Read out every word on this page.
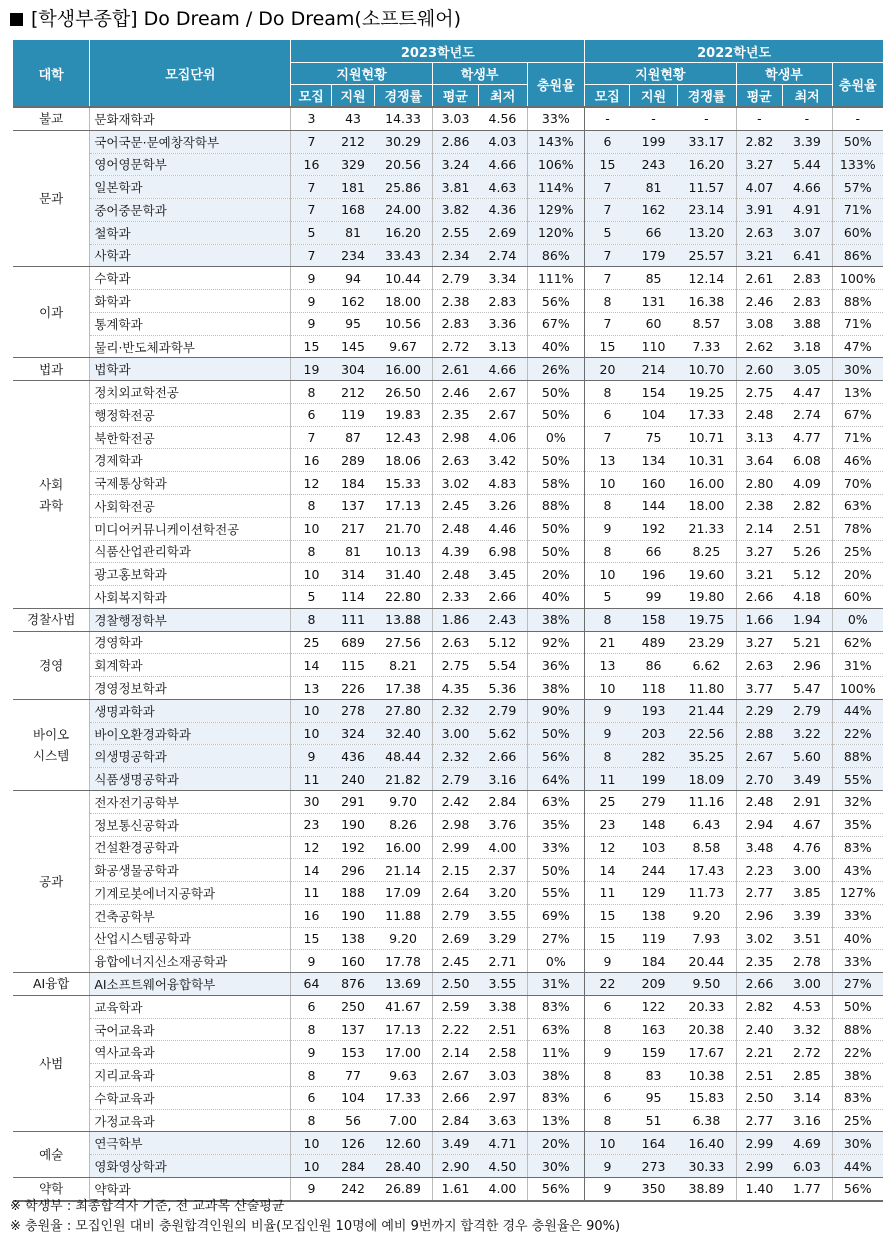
[학생부종합] Do Dream / Do Dream(소프트웨어)
대학	모집단위	2023학년도						2022학년도					
		지원현황			학생부		충원율	지원현황			학생부		충원율
		모집	지원	경쟁률	평균	최저		모집	지원	경쟁률	평균	최저	
불교	문화재학과	3	43	14.33	3.03	4.56	33%	-	-	-	-	-	-
문과	국어국문·문예창작학부	7	212	30.29	2.86	4.03	143%	6	199	33.17	2.82	3.39	50%
	영어영문학부	16	329	20.56	3.24	4.66	106%	15	243	16.20	3.27	5.44	133%
	일본학과	7	181	25.86	3.81	4.63	114%	7	81	11.57	4.07	4.66	57%
	중어중문학과	7	168	24.00	3.82	4.36	129%	7	162	23.14	3.91	4.91	71%
	철학과	5	81	16.20	2.55	2.69	120%	5	66	13.20	2.63	3.07	60%
	사학과	7	234	33.43	2.34	2.74	86%	7	179	25.57	3.21	6.41	86%
이과	수학과	9	94	10.44	2.79	3.34	111%	7	85	12.14	2.61	2.83	100%
	화학과	9	162	18.00	2.38	2.83	56%	8	131	16.38	2.46	2.83	88%
	통계학과	9	95	10.56	2.83	3.36	67%	7	60	8.57	3.08	3.88	71%
	물리·반도체과학부	15	145	9.67	2.72	3.13	40%	15	110	7.33	2.62	3.18	47%
법과	법학과	19	304	16.00	2.61	4.66	26%	20	214	10.70	2.60	3.05	30%
사회
과학	정치외교학전공	8	212	26.50	2.46	2.67	50%	8	154	19.25	2.75	4.47	13%
	행정학전공	6	119	19.83	2.35	2.67	50%	6	104	17.33	2.48	2.74	67%
	북한학전공	7	87	12.43	2.98	4.06	0%	7	75	10.71	3.13	4.77	71%
	경제학과	16	289	18.06	2.63	3.42	50%	13	134	10.31	3.64	6.08	46%
	국제통상학과	12	184	15.33	3.02	4.83	58%	10	160	16.00	2.80	4.09	70%
	사회학전공	8	137	17.13	2.45	3.26	88%	8	144	18.00	2.38	2.82	63%
	미디어커뮤니케이션학전공	10	217	21.70	2.48	4.46	50%	9	192	21.33	2.14	2.51	78%
	식품산업관리학과	8	81	10.13	4.39	6.98	50%	8	66	8.25	3.27	5.26	25%
	광고홍보학과	10	314	31.40	2.48	3.45	20%	10	196	19.60	3.21	5.12	20%
	사회복지학과	5	114	22.80	2.33	2.66	40%	5	99	19.80	2.66	4.18	60%
경찰사법	경찰행정학부	8	111	13.88	1.86	2.43	38%	8	158	19.75	1.66	1.94	0%
경영	경영학과	25	689	27.56	2.63	5.12	92%	21	489	23.29	3.27	5.21	62%
	회계학과	14	115	8.21	2.75	5.54	36%	13	86	6.62	2.63	2.96	31%
	경영정보학과	13	226	17.38	4.35	5.36	38%	10	118	11.80	3.77	5.47	100%
바이오
시스템	생명과학과	10	278	27.80	2.32	2.79	90%	9	193	21.44	2.29	2.79	44%
	바이오환경과학과	10	324	32.40	3.00	5.62	50%	9	203	22.56	2.88	3.22	22%
	의생명공학과	9	436	48.44	2.32	2.66	56%	8	282	35.25	2.67	5.60	88%
	식품생명공학과	11	240	21.82	2.79	3.16	64%	11	199	18.09	2.70	3.49	55%
공과	전자전기공학부	30	291	9.70	2.42	2.84	63%	25	279	11.16	2.48	2.91	32%
	정보통신공학과	23	190	8.26	2.98	3.76	35%	23	148	6.43	2.94	4.67	35%
	건설환경공학과	12	192	16.00	2.99	4.00	33%	12	103	8.58	3.48	4.76	83%
	화공생물공학과	14	296	21.14	2.15	2.37	50%	14	244	17.43	2.23	3.00	43%
	기계로봇에너지공학과	11	188	17.09	2.64	3.20	55%	11	129	11.73	2.77	3.85	127%
	건축공학부	16	190	11.88	2.79	3.55	69%	15	138	9.20	2.96	3.39	33%
	산업시스템공학과	15	138	9.20	2.69	3.29	27%	15	119	7.93	3.02	3.51	40%
	융합에너지신소재공학과	9	160	17.78	2.45	2.71	0%	9	184	20.44	2.35	2.78	33%
AI융합	AI소프트웨어융합학부	64	876	13.69	2.50	3.55	31%	22	209	9.50	2.66	3.00	27%
사범	교육학과	6	250	41.67	2.59	3.38	83%	6	122	20.33	2.82	4.53	50%
	국어교육과	8	137	17.13	2.22	2.51	63%	8	163	20.38	2.40	3.32	88%
	역사교육과	9	153	17.00	2.14	2.58	11%	9	159	17.67	2.21	2.72	22%
	지리교육과	8	77	9.63	2.67	3.03	38%	8	83	10.38	2.51	2.85	38%
	수학교육과	6	104	17.33	2.66	2.97	83%	6	95	15.83	2.50	3.14	83%
	가정교육과	8	56	7.00	2.84	3.63	13%	8	51	6.38	2.77	3.16	25%
예술	연극학부	10	126	12.60	3.49	4.71	20%	10	164	16.40	2.99	4.69	30%
	영화영상학과	10	284	28.40	2.90	4.50	30%	9	273	30.33	2.99	6.03	44%
약학	약학과	9	242	26.89	1.61	4.00	56%	9	350	38.89	1.40	1.77	56%
※ 학생부 : 최종합격자 기준, 전 교과목 산술평균
※ 충원율 : 모집인원 대비 충원합격인원의 비율(모집인원 10명에 예비 9번까지 합격한 경우 충원율은 90%)
